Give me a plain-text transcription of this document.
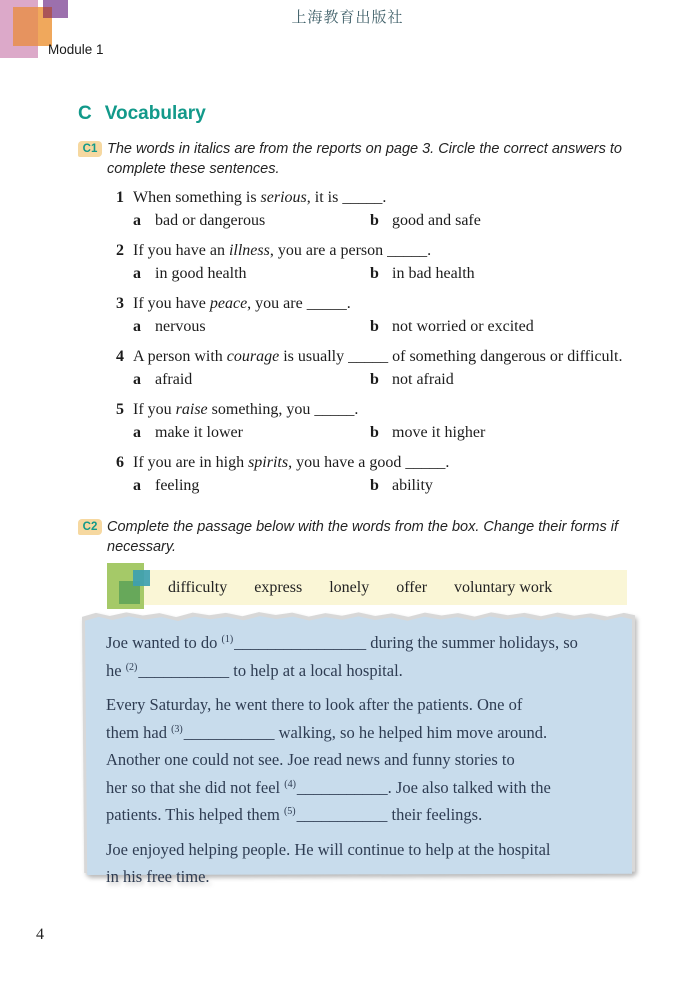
上海教育出版社
Module 1
C Vocabulary
C1 The words in italics are from the reports on page 3. Circle the correct answers to complete these sentences.

1 When something is serious, it is _____.

a bad or dangerous	b good and safe
2 If you have an illness, you are a person _____.

a in good health	b in bad health
3 If you have peace, you are _____.

a nervous	b not worried or excited
4 A person with courage is usually _____ of something dangerous or difficult.

a afraid	b not afraid
5 If you raise something, you _____.

a make it lower	b move it higher
6 If you are in high spirits, you have a good _____.

a feeling	b ability
C2 Complete the passage below with the words from the box. Change their forms if necessary.

difficulty express lonely offer voluntary work
Joe wanted to do $^{(1)}$________________ during the summer holidays, so
he $^{(2)}$___________ to help at a local hospital.
Every Saturday, he went there to look after the patients. One of
them had $^{(3)}$___________ walking, so he helped him move around.
Another one could not see. Joe read news and funny stories to
her so that she did not feel $^{(4)}$___________. Joe also talked with the
patients. This helped them $^{(5)}$___________ their feelings.
Joe enjoyed helping people. He will continue to help at the hospital
in his free time.
4
